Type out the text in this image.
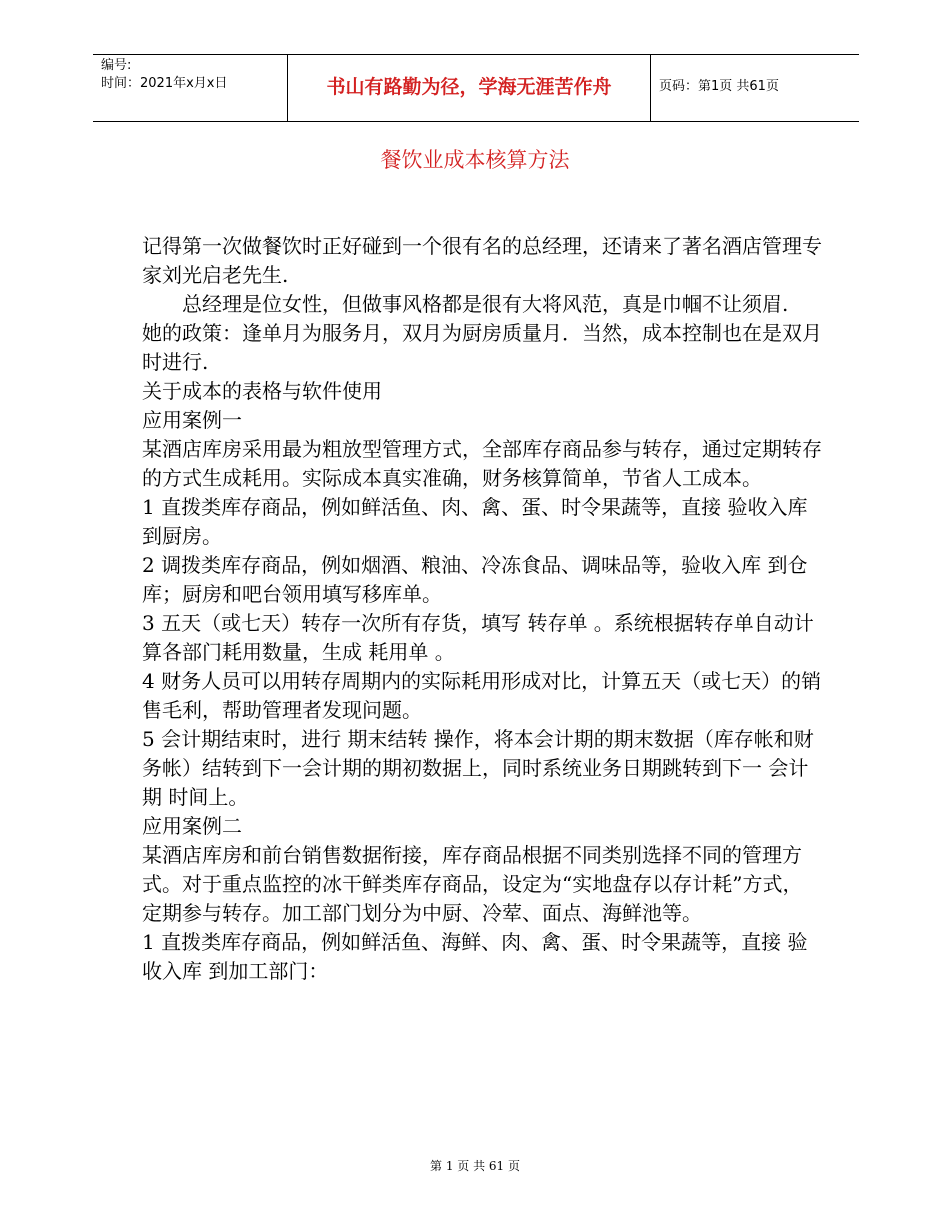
编号:
时间：2021年x月x日	书山有路勤为径，学海无涯苦作舟	页码：第1页 共61页
餐饮业成本核算方法

记得第一次做餐饮时正好碰到一个很有名的总经理，还请来了著名酒店管理专家刘光启老先生.

总经理是位女性，但做事风格都是很有大将风范，真是巾帼不让须眉.

她的政策：逢单月为服务月，双月为厨房质量月．当然，成本控制也在是双月时进行.

关于成本的表格与软件使用

应用案例一

某酒店库房采用最为粗放型管理方式，全部库存商品参与转存，通过定期转存的方式生成耗用。实际成本真实准确，财务核算简单，节省人工成本。

1 直拨类库存商品，例如鲜活鱼、肉、禽、蛋、时令果蔬等，直接 验收入库 到厨房。

2 调拨类库存商品，例如烟酒、粮油、冷冻食品、调味品等，验收入库 到仓库；厨房和吧台领用填写移库单。

3 五天（或七天）转存一次所有存货，填写 转存单 。系统根据转存单自动计算各部门耗用数量，生成 耗用单 。

4 财务人员可以用转存周期内的实际耗用形成对比，计算五天（或七天）的销售毛利，帮助管理者发现问题。

5 会计期结束时，进行 期末结转 操作，将本会计期的期末数据（库存帐和财务帐）结转到下一会计期的期初数据上，同时系统业务日期跳转到下一 会计期 时间上。

应用案例二

某酒店库房和前台销售数据衔接，库存商品根据不同类别选择不同的管理方式。对于重点监控的冰干鲜类库存商品，设定为“实地盘存以存计耗”方式，定期参与转存。加工部门划分为中厨、冷荤、面点、海鲜池等。

1 直拨类库存商品，例如鲜活鱼、海鲜、肉、禽、蛋、时令果蔬等，直接 验收入库 到加工部门：

第 1 页 共 61 页
